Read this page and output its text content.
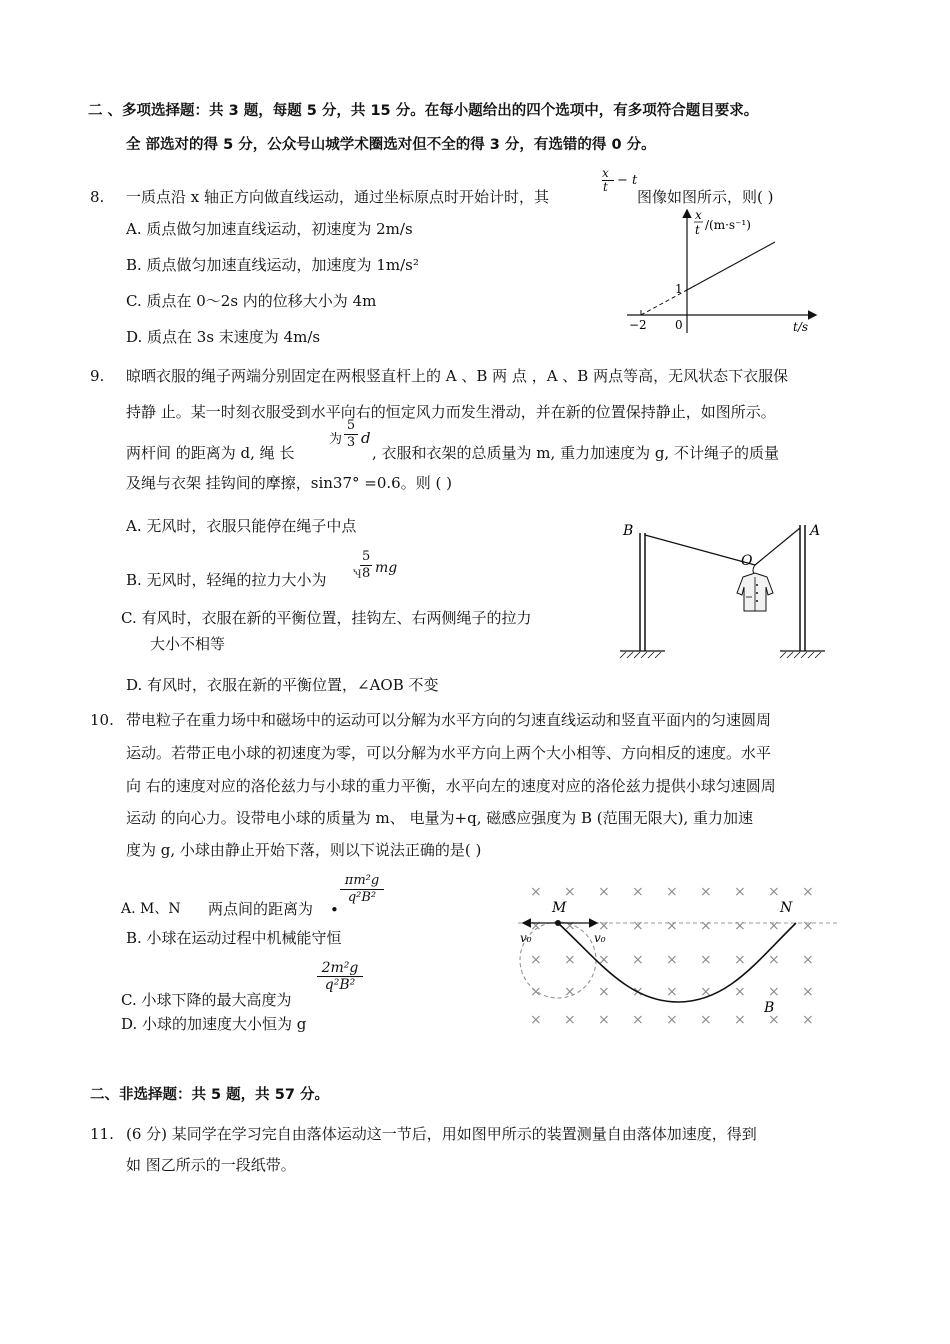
二 、多项选择题：共 3 题，每题 5 分，共 15 分。在每小题给出的四个选项中，有多项符合题目要求。
全 部选对的得 5 分，公众号山城学术圈选对但不全的得 3 分，有选错的得 0 分。
8. 一质点沿 x 轴正方向做直线运动，通过坐标原点时开始计时，其
x
t − t
图像如图所示，则( )
A. 质点做匀加速直线运动，初速度为 2m/s
B. 质点做匀加速直线运动，加速度为 1m/s²
C. 质点在 0～2s 内的位移大小为 4m
D. 质点在 3s 末速度为 4m/s
x
t /(m·s⁻¹)
1
−2 0	t/s
9. 晾晒衣服的绳子两端分别固定在两根竖直杆上的 A 、B 两 点 ，A 、B 两点等高，无风状态下衣服保
持静 止。某一时刻衣服受到水平向右的恒定风力而发生滑动，并在新的位置保持静止，如图所示。
两杆间 的距离为 d, 绳 长
为 $\frac{5}{3}$ d
, 衣服和衣架的总质量为 m, 重力加速度为 g, 不计绳子的质量
及绳与衣架 挂钩间的摩擦，sin37° =0.6。则 ( )
A. 无风时，衣服只能停在绳子中点
B. 无风时，轻绳的拉力大小为	Ⴏ
$\frac{5}{8}$ mg
C. 有风时，衣服在新的平衡位置，挂钩左、右两侧绳子的拉力
大小不相等
D. 有风时，衣服在新的平衡位置，∠AOB 不变
B	A
O
10. 带电粒子在重力场中和磁场中的运动可以分解为水平方向的匀速直线运动和竖直平面内的匀速圆周
运动。若带正电小球的初速度为零，可以分解为水平方向上两个大小相等、方向相反的速度。水平
向 右的速度对应的洛伦兹力与小球的重力平衡，水平向左的速度对应的洛伦兹力提供小球匀速圆周
运动 的向心力。设带电小球的质量为 m、 电量为+q, 磁感应强度为 B (范围无限大), 重力加速
度为 g, 小球由静止开始下落，则以下说法正确的是( )
A. M、N 两点间的距离为 •
$\frac{\text{πm²g}}{\text{q²B²}}$
B. 小球在运动过程中机械能守恒
$\frac{\text{2m²g}}{\text{q²B²}}$
C. 小球下降的最大高度为
D. 小球的加速度大小恒为 g
× × × × × × × × ×
× × × × × × × × ×
× × × × × × × × ×
× × × × × × × × ×
× × × × × × × × ×
M	N
B
v₀	v₀
二、非选择题：共 5 题，共 57 分。
11. (6 分) 某同学在学习完自由落体运动这一节后，用如图甲所示的装置测量自由落体加速度，得到
如 图乙所示的一段纸带。
